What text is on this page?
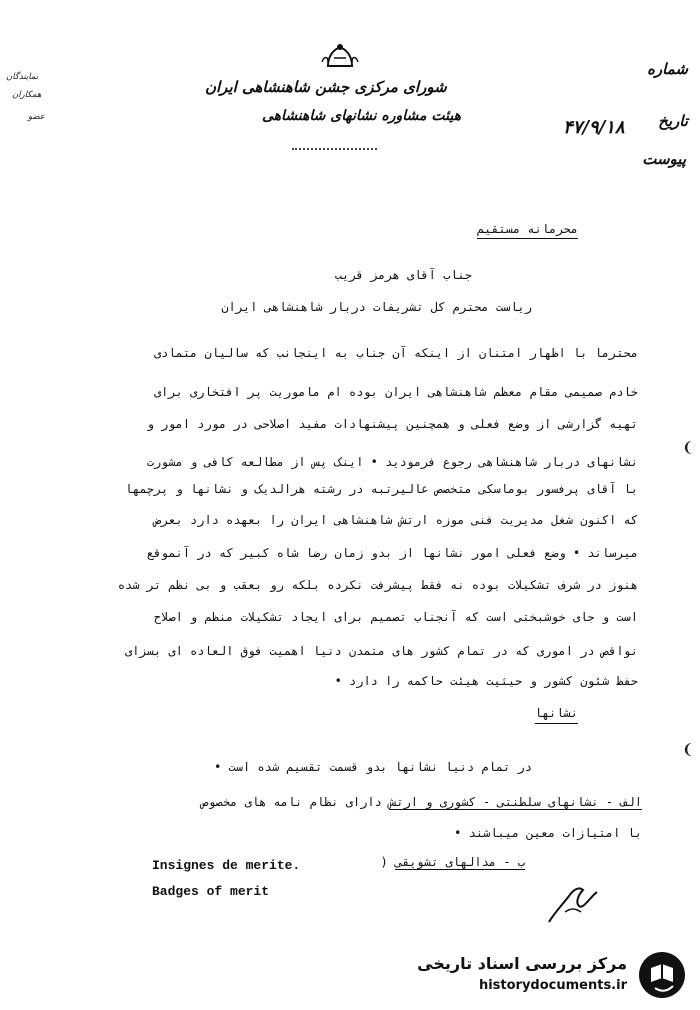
شورای مرکزی جشن شاهنشاهی ایران
هیئت مشاوره نشانهای شاهنشاهی
نمایندگان
همکاران
عضو
شماره
تاریخ
۴۷/۹/۱۸
پیوست
محرمانه مستقیم
جناب آقای هرمز قریب
ریاست محترم کل تشریفات دربار شاهنشاهی ایران
محترما با اظهار امتنان از اینکه آن جناب به اینجانب که سالیان متمادی
خادم صمیمی مقام معظم شاهنشاهی ایران بوده ام ماموریت پر افتخاری برای
تهیه گزارشی از وضع فعلی و همچنین پیشنهادات مفید اصلاحی در مورد امور و
نشانهای دربار شاهنشاهی رجوع فرمودید • اینک پس از مطالعه کافی و مشورت
با آقای پرفسور بوماسکی متخصص عالیرتبه در رشته هرالدیک و نشانها و پرچمها
که اکنون شغل مدیریت فنی موزه ارتش شاهنشاهی ایران را بعهده دارد بعرض
میرساند • وضع فعلی امور نشانها از بدو زمان رضا شاه کبیر که در آنموقع
هنوز در شرف تشکیلات بوده نه فقط پیشرفت نکرده بلکه رو بعقب و بی نظم تر شده
است و جای خوشبختی است که آنجناب تصمیم برای ایجاد تشکیلات منظم و اصلاح
نواقص در اموری که در تمام کشور های متمدن دنیا اهمیت فوق العاده ای بسزای
حفظ شئون کشور و حیثیت هیئت حاکمه را دارد •
نشانها
در تمام دنیا نشانها بدو قسمت تقسیم شده است •
الف - نشانهای سلطنتی - کشوری و ارتش دارای نظام نامه های مخصوص
با امتیازات معین میباشند •
ب - مدالهای تشویقی (
Insignes de merite.
Badges of merit
❨
❨
مرکز بررسی اسناد تاریخی
historydocuments.ir
